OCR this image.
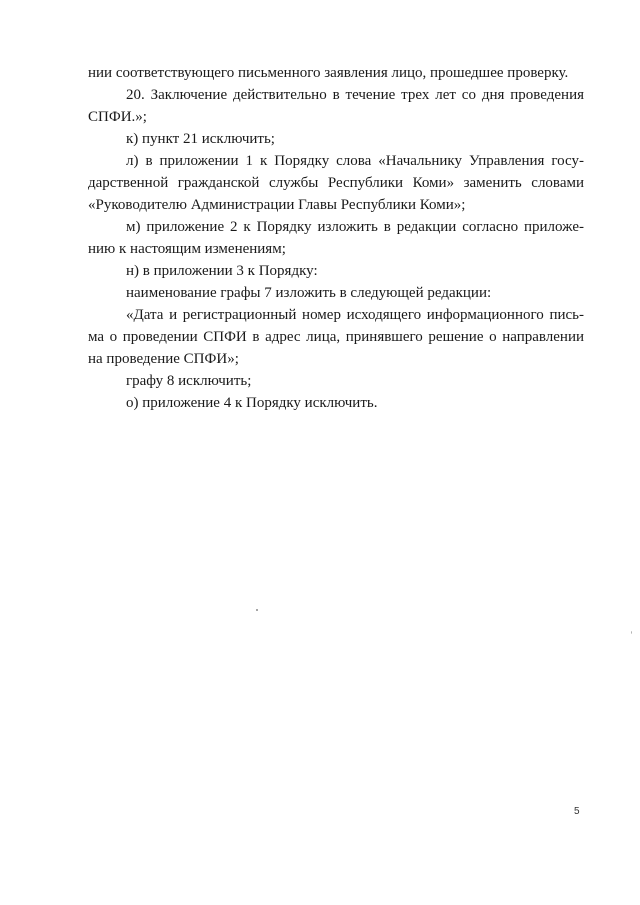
нии соответствующего письменного заявления лицо, прошедшее проверку.
20. Заключение действительно в течение трех лет со дня проведения
СПФИ.»;
к) пункт 21 исключить;
л) в приложении 1 к Порядку слова «Начальнику Управления госу-
дарственной гражданской службы Республики Коми» заменить словами
«Руководителю Администрации Главы Республики Коми»;
м) приложение 2 к Порядку изложить в редакции согласно приложе-
нию к настоящим изменениям;
н) в приложении 3 к Порядку:
наименование графы 7 изложить в следующей редакции:
«Дата и регистрационный номер исходящего информационного пись-
ма о проведении СПФИ в адрес лица, принявшего решение о направлении
на проведение СПФИ»;
графу 8 исключить;
о) приложение 4 к Порядку исключить.
5
